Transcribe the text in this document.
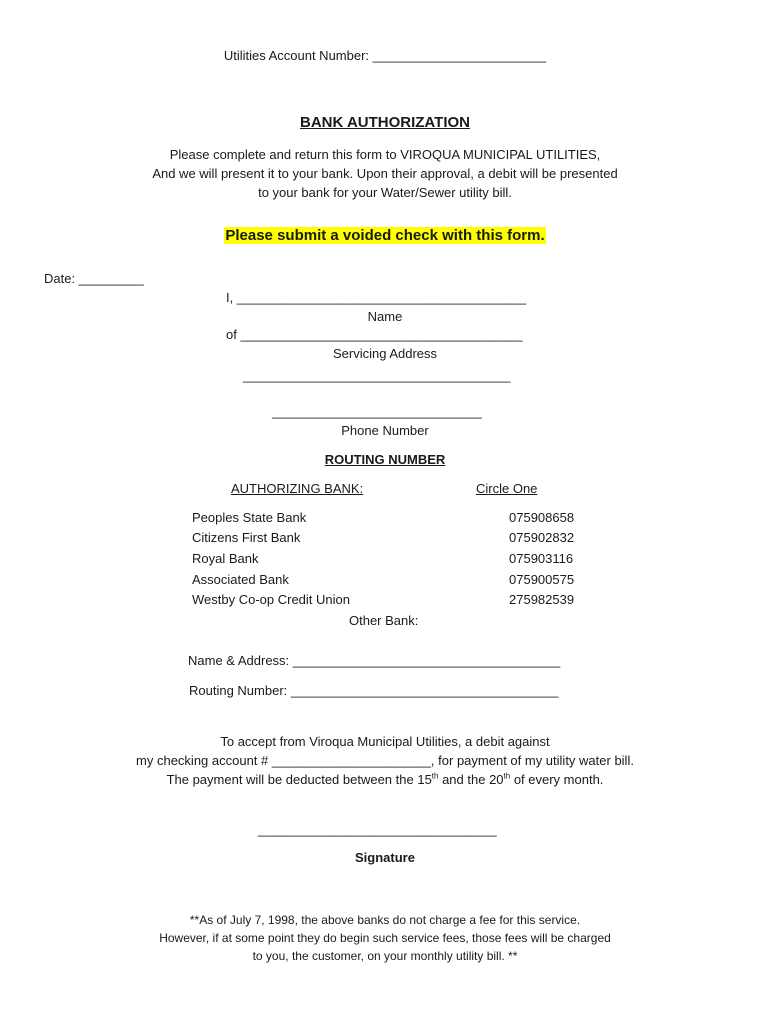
Utilities Account Number: ________________________
BANK AUTHORIZATION
Please complete and return this form to VIROQUA MUNICIPAL UTILITIES,
And we will present it to your bank. Upon their approval, a debit will be presented
to your bank for your Water/Sewer utility bill.
Please submit a voided check with this form.
Date: _________
I, ________________________________________
Name
of _______________________________________
Servicing Address
_____________________________________
_____________________________
Phone Number
ROUTING NUMBER
AUTHORIZING BANK:	Circle One
Peoples State Bank	075908658
Citizens First Bank	075902832
Royal Bank	075903116
Associated Bank	075900575
Westby Co-op Credit Union	275982539
Other Bank:
Name & Address: _____________________________________
Routing Number: _____________________________________
To accept from Viroqua Municipal Utilities, a debit against
my checking account # ______________________, for payment of my utility water bill.
The payment will be deducted between the 15th and the 20th of every month.
_________________________________
Signature
**As of July 7, 1998, the above banks do not charge a fee for this service.
However, if at some point they do begin such service fees, those fees will be charged
to you, the customer, on your monthly utility bill. **
